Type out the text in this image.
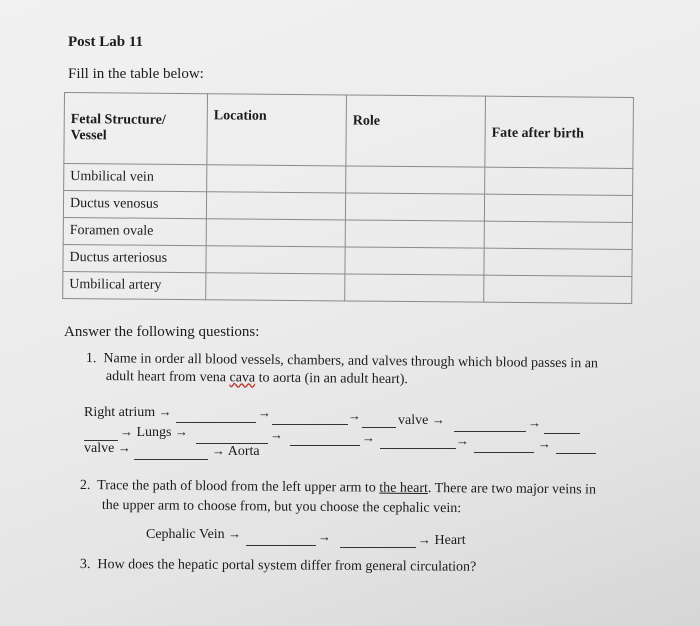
Post Lab 11
Fill in the table below:
Fetal Structure/ Vessel	Location	Role	Fate after birth
Umbilical vein			
Ductus venosus			
Foramen ovale			
Ductus arteriosus			
Umbilical artery			
Answer the following questions:
1. Name in order all blood vessels, chambers, and valves through which blood passes in an
adult heart from vena cava to aorta (in an adult heart).
Right atrium →	→	→	valve →	→
→ Lungs →	→	→	→	→
valve →	→ Aorta
2. Trace the path of blood from the left upper arm to the heart. There are two major veins in
the upper arm to choose from, but you choose the cephalic vein:
Cephalic Vein →	→	→ Heart
3. How does the hepatic portal system differ from general circulation?
